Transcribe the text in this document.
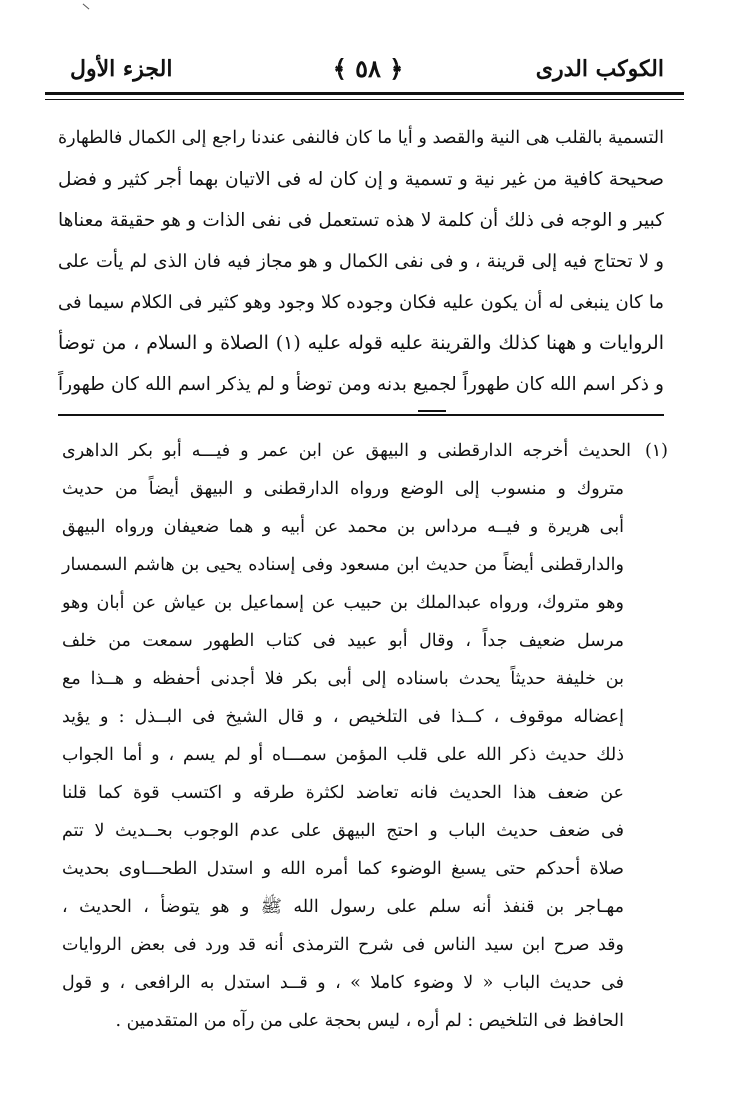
الكوكب الدرى
﴿ ٥٨ ﴾
الجزء الأول
التسمية بالقلب هى النية والقصد و أيا ما كان فالنفى عندنا راجع إلى الكمال فالطهارة
صحيحة كافية من غير نية و تسمية و إن كان له فى الاتيان بهما أجر كثير و فضل
كبير و الوجه فى ذلك أن كلمة لا هذه تستعمل فى نفى الذات و هو حقيقة معناها
و لا تحتاج فيه إلى قرينة ، و فى نفى الكمال و هو مجاز فيه فان الذى لم يأت على
ما كان ينبغى له أن يكون عليه فكان وجوده كلا وجود وهو كثير فى الكلام سيما فى
الروايات و ههنا كذلك والقرينة عليه قوله عليه (١) الصلاة و السلام ، من توضأ
و ذكر اسم الله كان طهوراً لجميع بدنه ومن توضأ و لم يذكر اسم الله كان طهوراً
(١)الحديث أخرجه الدارقطنى و البيهق عن ابن عمر و فيـــه أبو بكر الداهرى
متروك و منسوب إلى الوضع ورواه الدارقطنى و البيهق أيضاً من حديث
أبى هريرة و فيــه مرداس بن محمد عن أبيه و هما ضعيفان ورواه البيهق
والدارقطنى أيضاً من حديث ابن مسعود وفى إسناده يحيى بن هاشم السمسار
وهو متروك، ورواه عبدالملك بن حبيب عن إسماعيل بن عياش عن أبان وهو
مرسل ضعيف جداً ، وقال أبو عبيد فى كتاب الطهور سمعت من خلف
بن خليفة حديثاً يحدث باسناده إلى أبى بكر فلا أجدنى أحفظه و هــذا مع
إعضاله موقوف ، كــذا فى التلخيص ، و قال الشيخ فى البــذل : و يؤيد
ذلك حديث ذكر الله على قلب المؤمن سمـــاه أو لم يسم ، و أما الجواب
عن ضعف هذا الحديث فانه تعاضد لكثرة طرقه و اكتسب قوة كما قلنا
فى ضعف حديث الباب و احتج البيهق على عدم الوجوب بحــديث لا تتم
صلاة أحدكم حتى يسبغ الوضوء كما أمره الله و استدل الطحـــاوى بحديث
مهـاجر بن قنفذ أنه سلم على رسول الله ﷺ و هو يتوضأ ، الحديث ،
وقد صرح ابن سيد الناس فى شرح الترمذى أنه قد ورد فى بعض الروايات
فى حديث الباب « لا وضوء كاملا » ، و قــد استدل به الرافعى ، و قول
الحافظ فى التلخيص : لم أره ، ليس بحجة على من رآه من المتقدمين .
